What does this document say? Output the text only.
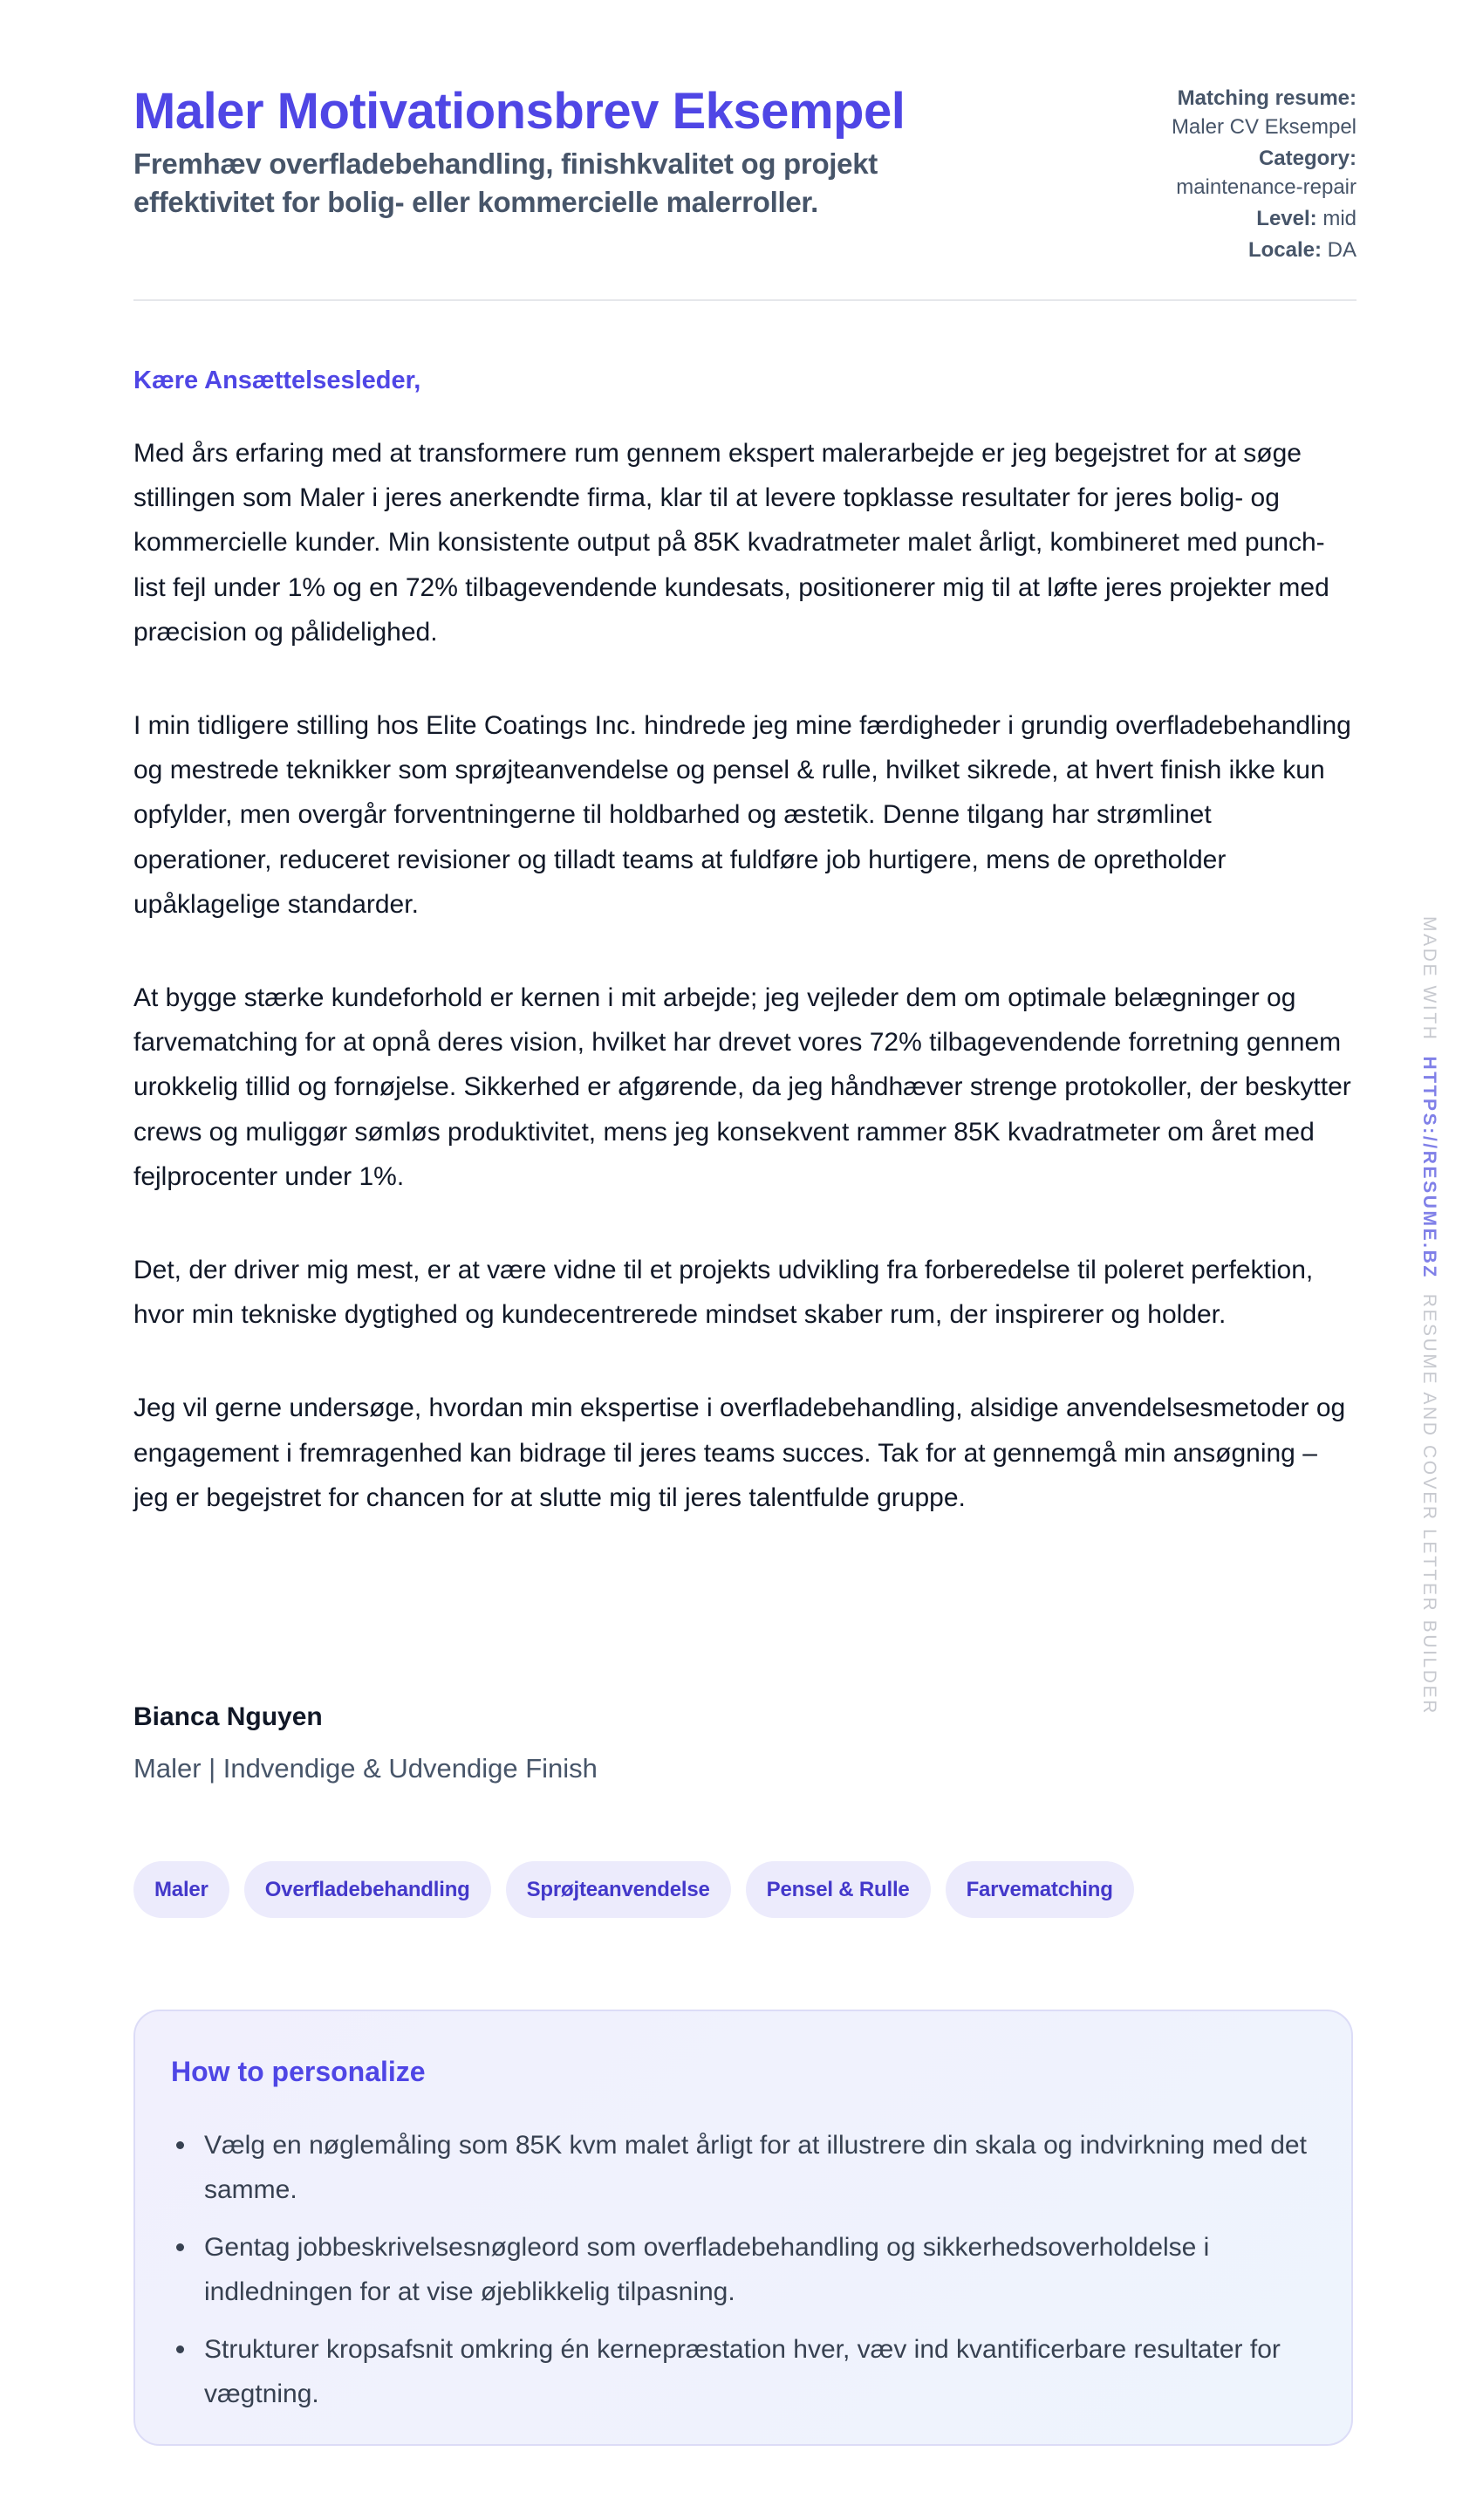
Maler Motivationsbrev Eksempel
Fremhæv overfladebehandling, finishkvalitet og projekt effektivitet for bolig- eller kommercielle malerroller.
Matching resume:
Maler CV Eksempel
Category:
maintenance-repair
Level: mid
Locale: DA

Kære Ansættelsesleder,

Med års erfaring med at transformere rum gennem ekspert malerarbejde er jeg begejstret for at søge stillingen som Maler i jeres anerkendte firma, klar til at levere topklasse resultater for jeres bolig- og kommercielle kunder. Min konsistente output på 85K kvadratmeter malet årligt, kombineret med punch-list fejl under 1% og en 72% tilbagevendende kundesats, positionerer mig til at løfte jeres projekter med præcision og pålidelighed.

I min tidligere stilling hos Elite Coatings Inc. hindrede jeg mine færdigheder i grundig overfladebehandling og mestrede teknikker som sprøjteanvendelse og pensel & rulle, hvilket sikrede, at hvert finish ikke kun opfylder, men overgår forventningerne til holdbarhed og æstetik. Denne tilgang har strømlinet operationer, reduceret revisioner og tilladt teams at fuldføre job hurtigere, mens de opretholder upåklagelige standarder.

At bygge stærke kundeforhold er kernen i mit arbejde; jeg vejleder dem om optimale belægninger og farvematching for at opnå deres vision, hvilket har drevet vores 72% tilbagevendende forretning gennem urokkelig tillid og fornøjelse. Sikkerhed er afgørende, da jeg håndhæver strenge protokoller, der beskytter crews og muliggør sømløs produktivitet, mens jeg konsekvent rammer 85K kvadratmeter om året med fejlprocenter under 1%.

Det, der driver mig mest, er at være vidne til et projekts udvikling fra forberedelse til poleret perfektion, hvor min tekniske dygtighed og kundecentrerede mindset skaber rum, der inspirerer og holder.

Jeg vil gerne undersøge, hvordan min ekspertise i overfladebehandling, alsidige anvendelsesmetoder og engagement i fremragenhed kan bidrage til jeres teams succes. Tak for at gennemgå min ansøgning – jeg er begejstret for chancen for at slutte mig til jeres talentfulde gruppe.

Bianca Nguyen

Maler | Indvendige & Udvendige Finish

Maler	Overfladebehandling	Sprøjteanvendelse	Pensel & Rulle	Farvematching
How to personalize
Vælg en nøglemåling som 85K kvm malet årligt for at illustrere din skala og indvirkning med det samme.
Gentag jobbeskrivelsesnøgleord som overfladebehandling og sikkerhedsoverholdelse i indledningen for at vise øjeblikkelig tilpasning.
Strukturer kropsafsnit omkring én kernepræstation hver, væv ind kvantificerbare resultater for vægtning.
MADE WITH  HTTPS://RESUME.BZ  RESUME AND COVER LETTER BUILDER
